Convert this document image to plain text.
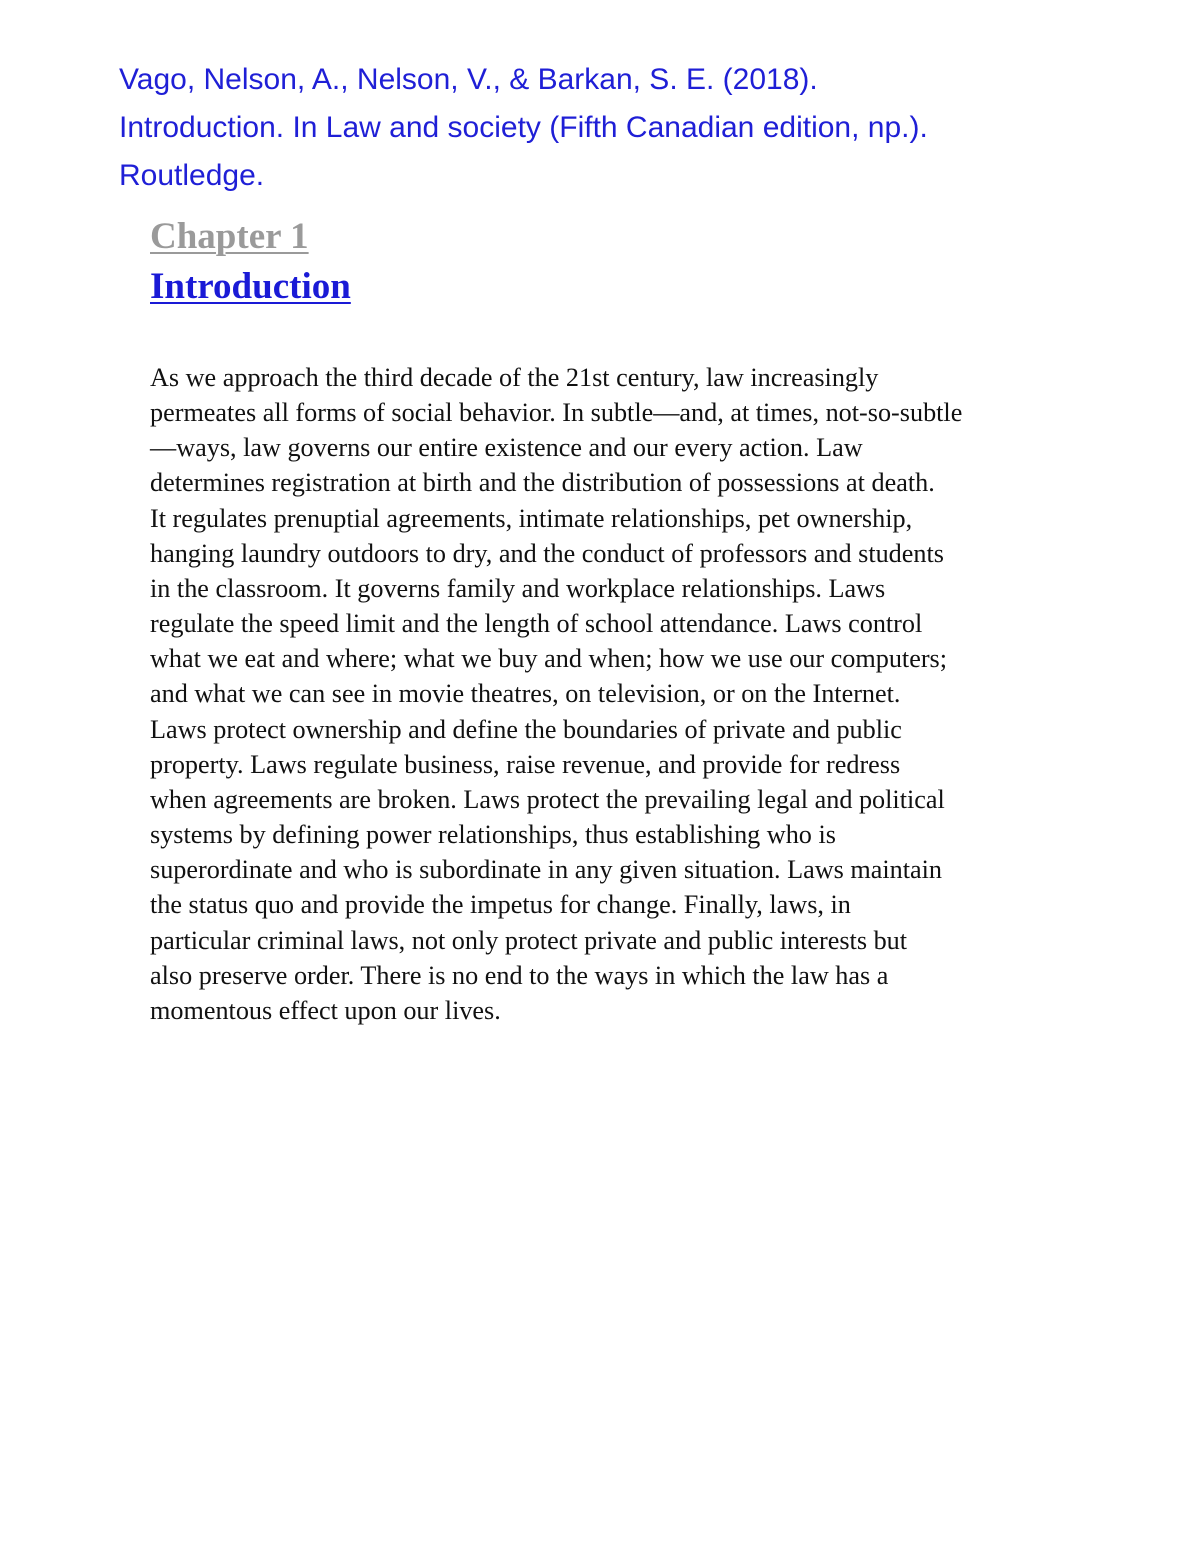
Vago, Nelson, A., Nelson, V., & Barkan, S. E. (2018).
Introduction. In Law and society (Fifth Canadian edition, np.).
Routledge.
Chapter 1
Introduction

As we approach the third decade of the 21st century, law increasingly
permeates all forms of social behavior. In subtle—and, at times, not-so-subtle
—ways, law governs our entire existence and our every action. Law
determines registration at birth and the distribution of possessions at death.
It regulates prenuptial agreements, intimate relationships, pet ownership,
hanging laundry outdoors to dry, and the conduct of professors and students
in the classroom. It governs family and workplace relationships. Laws
regulate the speed limit and the length of school attendance. Laws control
what we eat and where; what we buy and when; how we use our computers;
and what we can see in movie theatres, on television, or on the Internet.
Laws protect ownership and define the boundaries of private and public
property. Laws regulate business, raise revenue, and provide for redress
when agreements are broken. Laws protect the prevailing legal and political
systems by defining power relationships, thus establishing who is
superordinate and who is subordinate in any given situation. Laws maintain
the status quo and provide the impetus for change. Finally, laws, in
particular criminal laws, not only protect private and public interests but
also preserve order. There is no end to the ways in which the law has a
momentous effect upon our lives.
